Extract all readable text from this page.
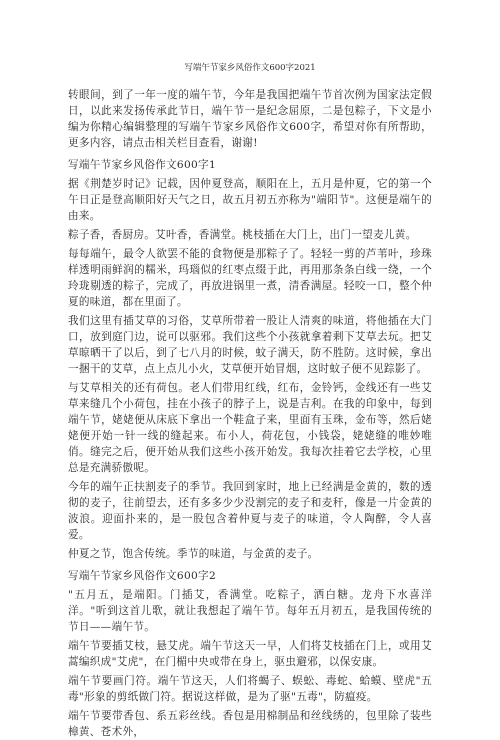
写端午节家乡风俗作文600字2021

转眼间，到了一年一度的端午节，今年是我国把端午节首次例为国家法定假日，以此来发扬传承此节日，端午节一是纪念屈原，二是包粽子，下文是小编为你精心编辑整理的写端午节家乡风俗作文600字，希望对你有所帮助，更多内容，请点击相关栏目查看，谢谢!

写端午节家乡风俗作文600字1

据《荆楚岁时记》记载，因仲夏登高，顺阳在上，五月是仲夏，它的第一个午日正是登高顺阳好天气之日，故五月初五亦称为"端阳节"。这便是端午的由来。

粽子香，香厨房。艾叶香，香满堂。桃枝插在大门上，出门一望麦儿黄。

每每端午，最令人欲罢不能的食物便是那粽子了。轻轻一剪的芦苇叶，珍珠样透明雨鲜润的糯米，玛瑙似的红枣点缀于此，再用那条条白线一绕，一个玲珑剔透的粽子，完成了，再放进锅里一煮，清香满屋。轻咬一口，整个仲夏的味道，都在里面了。

我们这里有插艾草的习俗，艾草所带着一股让人清爽的味道，将他插在大门口，放到庭门边，说可以驱邪。我们这些个小孩就拿着剩下艾草去玩。把艾草晾晒干了以后，到了七八月的时候，蚊子满天，防不胜防。这时候，拿出一捆干的艾草，点上点儿小火，艾草便开始冒烟，这时蚊子便不见踪影了。

与艾草相关的还有荷包。老人们带用红线，红布，金铃钙，金线还有一些艾草来缝几个小荷包，挂在小孩子的脖子上，说是吉利。在我的印象中，每到端午节，姥姥便从床底下拿出一个鞋盒子来，里面有玉珠，金布等，然后姥姥便开始一针一线的缝起来。布小人，荷花包，小钱袋，姥姥缝的唯妙唯俏。缝完之后，便开始从我们这些小孩开始发。我每次挂着它去学校，心里总是充满骄傲呢。

今年的端午正扶割麦子的季节。我回到家时，地上已经满是金黄的，数的透彻的麦子，往前望去，还有多多少少没割完的麦子和麦秆，像是一片金黄的波浪。迎面扑来的，是一股包含着仲夏与麦子的味道，令人陶醉，令人喜爱。

仲夏之节，饱含传统。季节的味道，与金黄的麦子。

写端午节家乡风俗作文600字2

"五月五，是端阳。门插艾，香满堂。吃粽子，洒白糖。龙舟下水喜洋洋。"听到这首儿歌，就让我想起了端午节。每年五月初五，是我国传统的节日——端午节。

端午节要插艾枝，悬艾虎。端午节这天一早，人们将艾枝插在门上，或用艾蒿编织成"艾虎"，在门楣中央或带在身上，驱虫避邪，以保安康。

端午节要画门符。端午节这天，人们将蝎子、蜈蚣、毒蛇、蛤蟆、壁虎"五毒"形象的剪纸做门符。据说这样做，是为了驱"五毒"，防瘟疫。

端午节要带香包、系五彩丝线。香包是用棉制品和丝线绣的，包里除了装些樟黄、苍术外，
